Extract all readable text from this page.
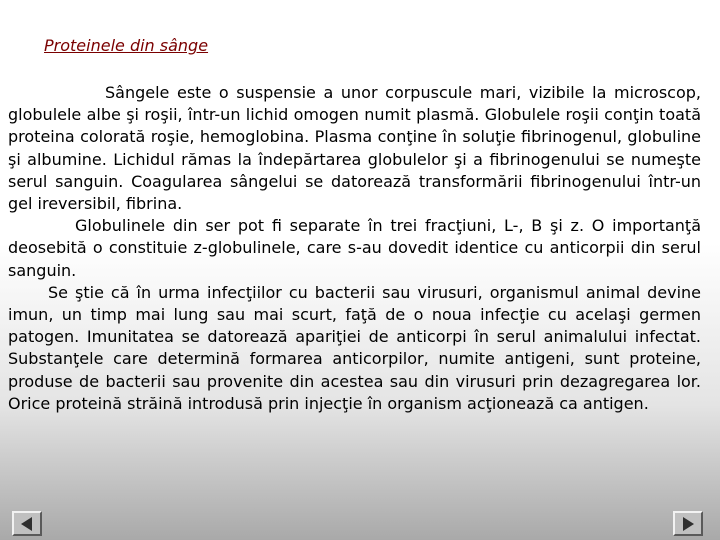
Proteinele din sânge

Sângele este o suspensie a unor corpuscule mari, vizibile la microscop, globulele albe şi roşii, într-un lichid omogen numit plasmă. Globulele roşii conţin toată proteina colorată roşie, hemoglobina. Plasma conţine în soluţie fibrinogenul, globuline şi albumine. Lichidul rămas la îndepărtarea globulelor şi a fibrinogenului se numeşte serul sanguin. Coagularea sângelui se datorează transformării fibrinogenului într-un gel ireversibil, fibrina.

Globulinele din ser pot fi separate în trei fracţiuni, L-, B şi z. O importanţă deosebită o constituie z-globulinele, care s-au dovedit identice cu anticorpii din serul sanguin.

Se ştie că în urma infecţiilor cu bacterii sau virusuri, organismul animal devine imun, un timp mai lung sau mai scurt, faţă de o noua infecţie cu acelaşi germen patogen. Imunitatea se datorează apariţiei de anticorpi în serul animalului infectat. Substanţele care determină formarea anticorpilor, numite antigeni, sunt proteine, produse de bacterii sau provenite din acestea sau din virusuri prin dezagregarea lor. Orice proteină străină introdusă prin injecţie în organism acţionează ca antigen.
